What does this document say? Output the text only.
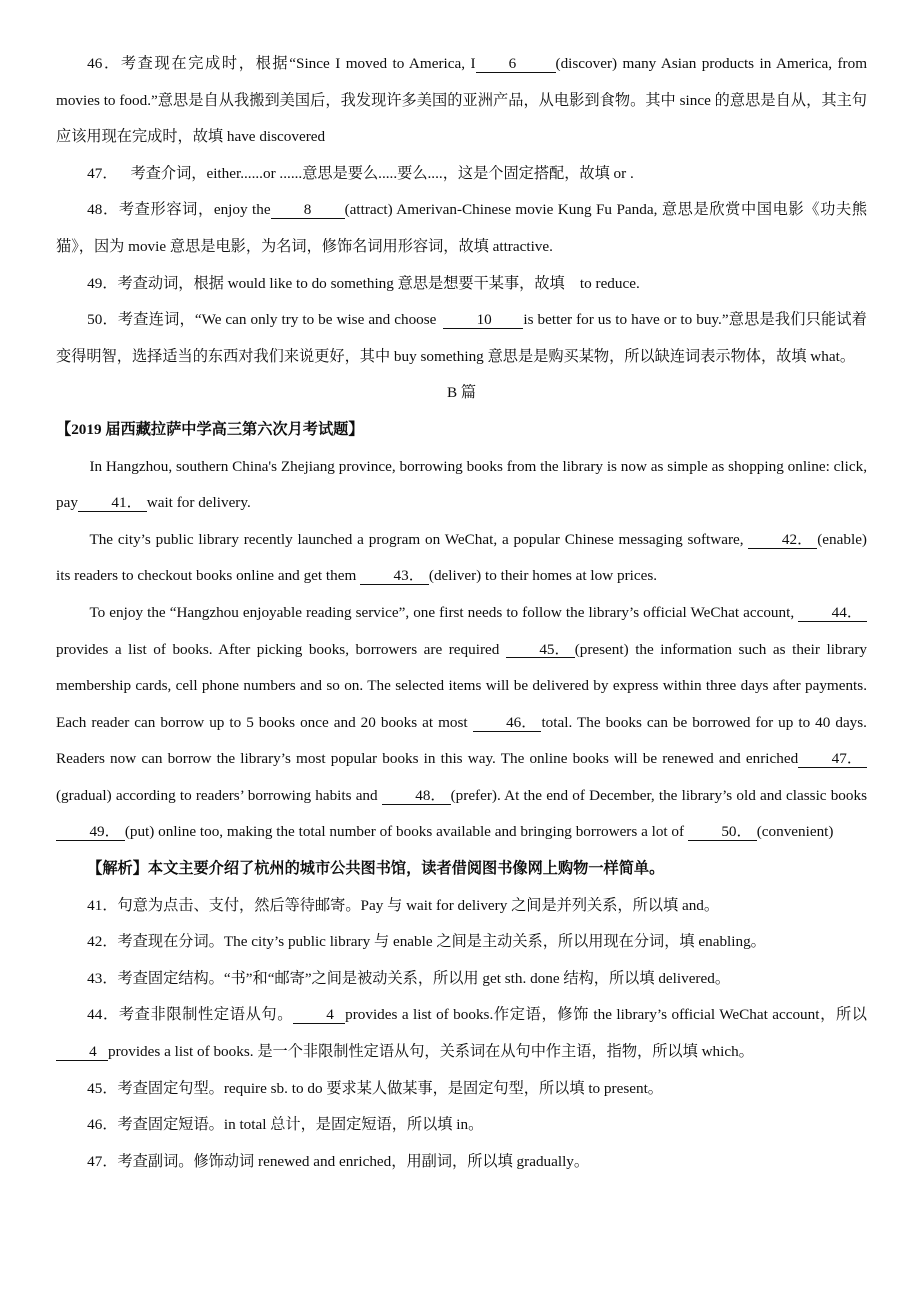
46．考查现在完成时，根据“Since I moved to America, I 6	(discover) many Asian products in America, from movies to food.”意思是自从我搬到美国后，我发现许多美国的亚洲产品，从电影到食物。其中 since 的意思是自从，其主句应该用现在完成时，故填 have discovered

47． 考查介词，either......or ......意思是要么.....要么....，这是个固定搭配，故填 or .

48．考查形容词，enjoy the 8 (attract) Amerivan-Chinese movie Kung Fu Panda, 意思是欣赏中国电影《功夫熊猫》，因为 movie 意思是电影，为名词，修饰名词用形容词，故填 attractive.

49．考查动词，根据 would like to do something 意思是想要干某事，故填　to reduce.

50．考查连词，“We can only try to be wise and choose	10 is better for us to have or to buy.”意思是我们只能试着变得明智，选择适当的东西对我们来说更好，其中 buy something 意思是是购买某物，所以缺连词表示物体，故填 what。

B 篇

【2019 届西藏拉萨中学高三第六次月考试题】

In Hangzhou, southern China's Zhejiang province, borrowing books from the library is now as simple as shopping online: click, pay 41． wait for delivery.

The city’s public library recently launched a program on WeChat, a popular Chinese messaging software, 42． (enable) its readers to checkout books online and get them 43． (deliver) to their homes at low prices.

To enjoy the “Hangzhou enjoyable reading service”, one first needs to follow the library’s official WeChat account, 44．provides a list of books. After picking books, borrowers are required 45． (present) the information such as their library membership cards, cell phone numbers and so on. The selected items will be delivered by express within three days after payments. Each reader can borrow up to 5 books once and 20 books at most 46． total. The books can be borrowed for up to 40 days. Readers now can borrow the library’s most popular books in this way. The online books will be renewed and enriched 47．(gradual) according to readers’ borrowing habits and 48． (prefer). At the end of December, the library’s old and classic books49． (put) online too, making the total number of books available and bringing borrowers a lot of 50． (convenient)

【解析】本文主要介绍了杭州的城市公共图书馆，读者借阅图书像网上购物一样简单。

41．句意为点击、支付，然后等待邮寄。Pay 与 wait for delivery 之间是并列关系，所以填 and。

42．考查现在分词。The city’s public library 与 enable 之间是主动关系，所以用现在分词，填 enabling。

43．考查固定结构。“书”和“邮寄”之间是被动关系，所以用 get sth. done 结构，所以填 delivered。

44．考查非限制性定语从句。 4 provides a list of books.作定语，修饰 the library’s official WeChat account，所以4 provides a list of books. 是一个非限制性定语从句，关系词在从句中作主语，指物，所以填 which。

45．考查固定句型。require sb. to do 要求某人做某事，是固定句型，所以填 to present。

46．考查固定短语。in total 总计，是固定短语，所以填 in。

47．考查副词。修饰动词 renewed and enriched，用副词，所以填 gradually。
